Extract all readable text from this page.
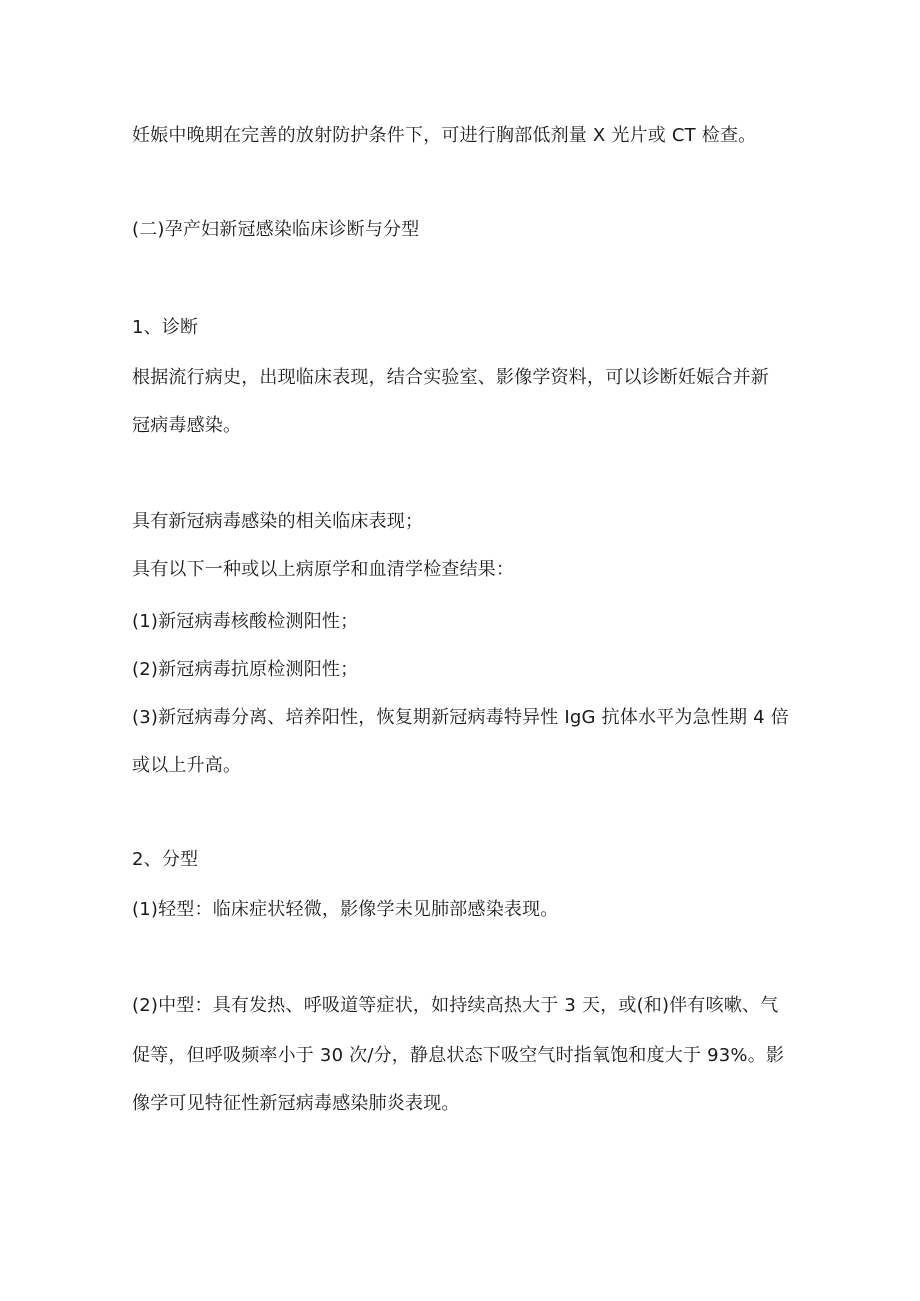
妊娠中晚期在完善的放射防护条件下，可进行胸部低剂量 X 光片或 CT 检查。
(二)孕产妇新冠感染临床诊断与分型
1、诊断
根据流行病史，出现临床表现，结合实验室、影像学资料，可以诊断妊娠合并新
冠病毒感染。
具有新冠病毒感染的相关临床表现；
具有以下一种或以上病原学和血清学检查结果：
(1)新冠病毒核酸检测阳性；
(2)新冠病毒抗原检测阳性；
(3)新冠病毒分离、培养阳性，恢复期新冠病毒特异性 IgG 抗体水平为急性期 4 倍
或以上升高。
2、分型
(1)轻型：临床症状轻微，影像学未见肺部感染表现。
(2)中型：具有发热、呼吸道等症状，如持续高热大于 3 天，或(和)伴有咳嗽、气
促等，但呼吸频率小于 30 次/分，静息状态下吸空气时指氧饱和度大于 93%。影
像学可见特征性新冠病毒感染肺炎表现。
